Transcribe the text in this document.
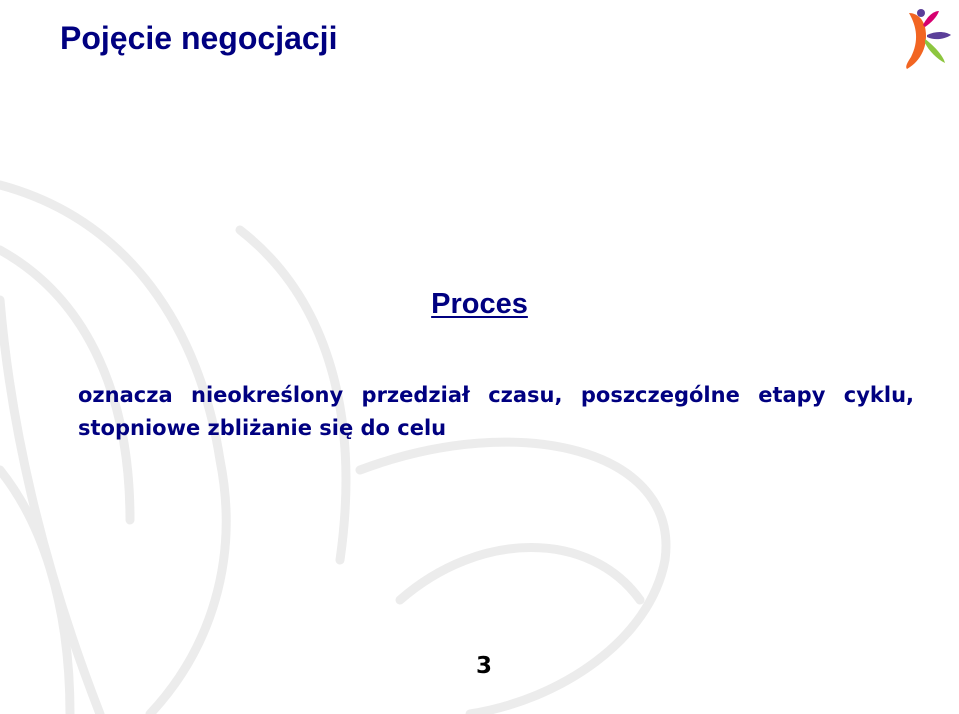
Pojęcie negocjacji
Proces

oznacza nieokreślony przedział czasu, poszczególne etapy cyklu, stopniowe zbliżanie się do celu

3
